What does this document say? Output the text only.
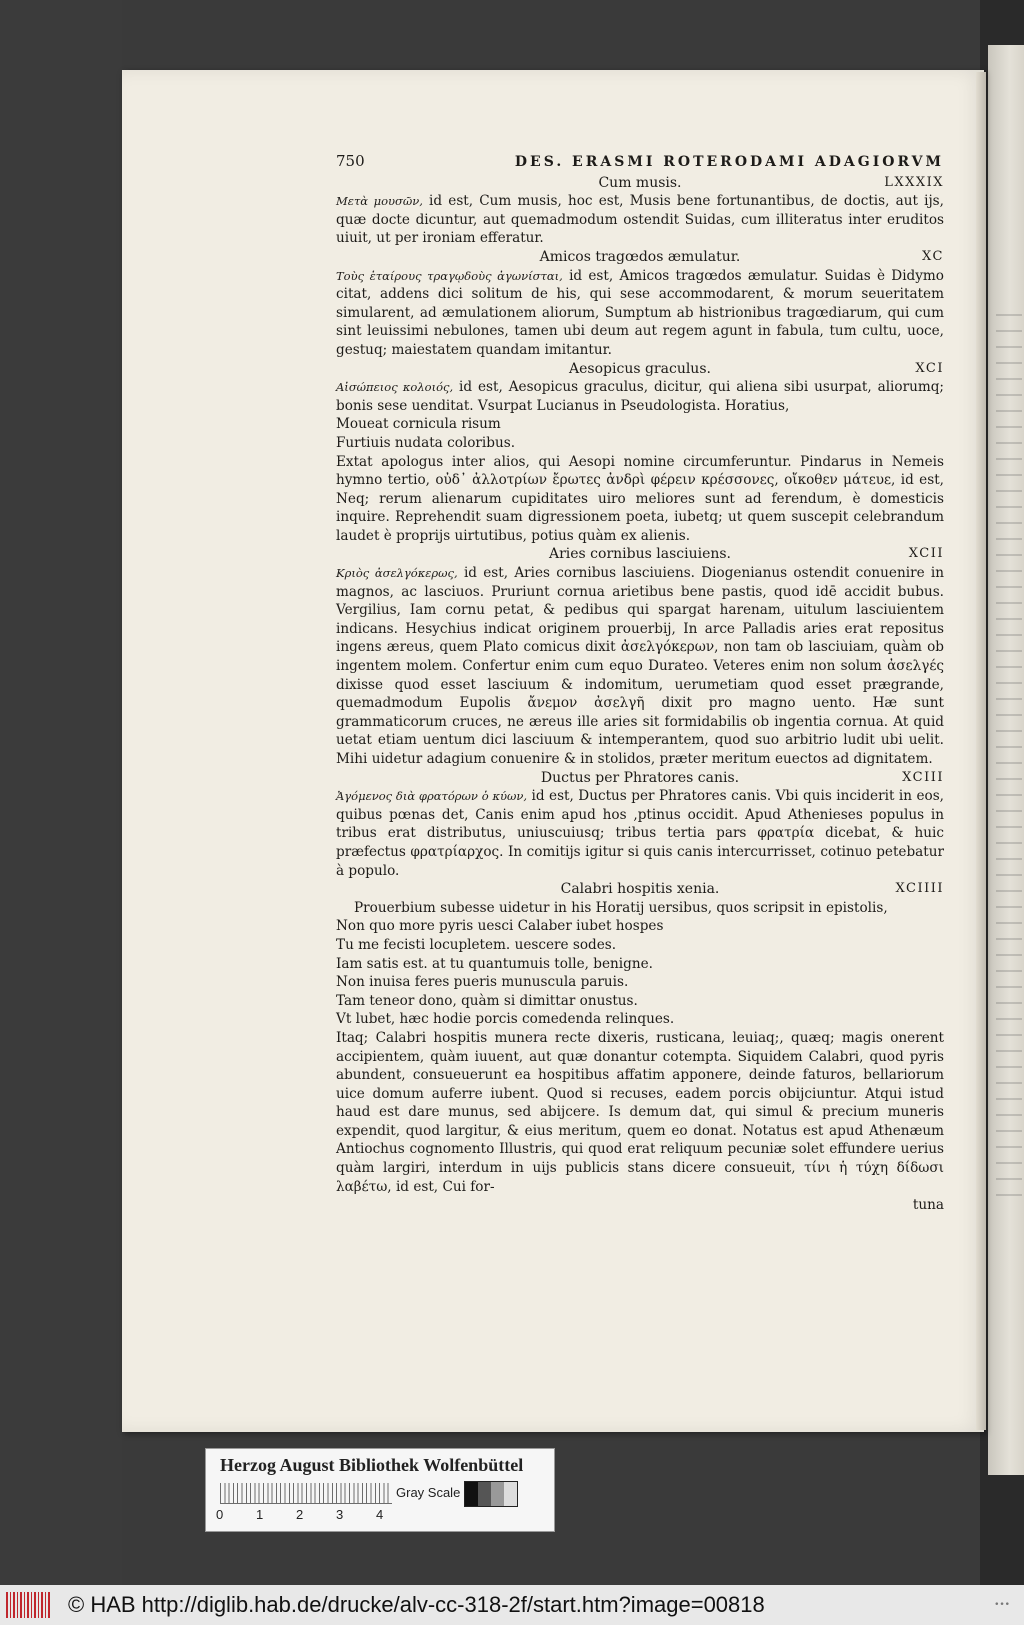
750	DES. ERASMI ROTERODAMI ADAGIORVM
Cum musis.	LXXXIX

Μετὰ μουσῶν, id est, Cum musis, hoc est, Musis bene fortunantibus, de doctis, aut ijs, quæ docte dicuntur, aut quemadmodum ostendit Suidas, cum illiteratus inter eruditos uiuit, ut per ironiam efferatur.

Amicos tragœdos æmulatur.	XC

Τοὺς ἑταίρους τραγῳδοὺς ἀγωνίσται, id est, Amicos tragœdos æmulatur. Suidas è Didymo citat, addens dici solitum de his, qui sese accommodarent, & morum seueritatem simularent, ad æmulationem aliorum, Sumptum ab histrionibus tragœdiarum, qui cum sint leuissimi nebulones, tamen ubi deum aut regem agunt in fabula, tum cultu, uoce, gestuq; maiestatem quandam imitantur.

Aesopicus graculus.	XCI

Αἰσώπειος κολοιός, id est, Aesopicus graculus, dicitur, qui aliena sibi usurpat, aliorumq; bonis sese uenditat. Vsurpat Lucianus in Pseudologista. Horatius,

Moueat cornicula risum

Furtiuis nudata coloribus.

Extat apologus inter alios, qui Aesopi nomine circumferuntur. Pindarus in Nemeis hymno tertio, οὐδ᾽ ἀλλοτρίων ἔρωτες ἀνδρὶ φέρειν κρέσσονες, οἴκοθεν μάτευε, id est, Neq; rerum alienarum cupiditates uiro meliores sunt ad ferendum, è domesticis inquire. Reprehendit suam digressionem poeta, iubetq; ut quem suscepit celebrandum laudet è proprijs uirtutibus, potius quàm ex alienis.

Aries cornibus lasciuiens.	XCII

Κριὸς ἀσελγόκερως, id est, Aries cornibus lasciuiens. Diogenianus ostendit conuenire in magnos, ac lasciuos. Pruriunt cornua arietibus bene pastis, quod idē accidit bubus. Vergilius, Iam cornu petat, & pedibus qui spargat harenam, uitulum lasciuientem indicans. Hesychius indicat originem prouerbij, In arce Palladis aries erat repositus ingens æreus, quem Plato comicus dixit ἀσελγόκερων, non tam ob lasciuiam, quàm ob ingentem molem. Confertur enim cum equo Durateo. Veteres enim non solum ἀσελγές dixisse quod esset lasciuum & indomitum, uerumetiam quod esset prægrande, quemadmodum Eupolis ἄνεμον ἀσελγῆ dixit pro magno uento. Hæ sunt grammaticorum cruces, ne æreus ille aries sit formidabilis ob ingentia cornua. At quid uetat etiam uentum dici lasciuum & intemperantem, quod suo arbitrio ludit ubi uelit. Mihi uidetur adagium conuenire & in stolidos, præter meritum euectos ad dignitatem.

Ductus per Phratores canis.	XCIII

Ἀγόμενος διὰ φρατόρων ὁ κύων, id est, Ductus per Phratores canis. Vbi quis inciderit in eos, quibus pœnas det, Canis enim apud hos ,ptinus occidit. Apud Athenieses populus in tribus erat distributus, uniuscuiusq; tribus tertia pars φρατρία dicebat, & huic præfectus φρατρίαρχος. In comitijs igitur si quis canis intercurrisset, cotinuo petebatur à populo.

Calabri hospitis xenia.	XCIIII

Prouerbium subesse uidetur in his Horatij uersibus, quos scripsit in epistolis,

Non quo more pyris uesci Calaber iubet hospes

Tu me fecisti locupletem. uescere sodes.

Iam satis est. at tu quantumuis tolle, benigne.

Non inuisa feres pueris munuscula paruis.

Tam teneor dono, quàm si dimittar onustus.

Vt lubet, hæc hodie porcis comedenda relinques.

Itaq; Calabri hospitis munera recte dixeris, rusticana, leuiaq;, quæq; magis onerent accipientem, quàm iuuent, aut quæ donantur cotempta. Siquidem Calabri, quod pyris abundent, consueuerunt ea hospitibus affatim apponere, deinde faturos, bellariorum uice domum auferre iubent. Quod si recuses, eadem porcis obijciuntur. Atqui istud haud est dare munus, sed abijcere. Is demum dat, qui simul & precium muneris expendit, quod largitur, & eius meritum, quem eo donat. Notatus est apud Athenæum Antiochus cognomento Illustris, qui quod erat reliquum pecuniæ solet effundere uerius quàm largiri, interdum in uijs publicis stans dicere consueuit, τίνι ἡ τύχη δίδωσι λαβέτω, id est, Cui for-

tuna

Herzog August Bibliothek Wolfenbüttel
0	1	2	3	4
Gray Scale
© HAB http://diglib.hab.de/drucke/alv-cc-318-2f/start.htm?image=00818	•••
